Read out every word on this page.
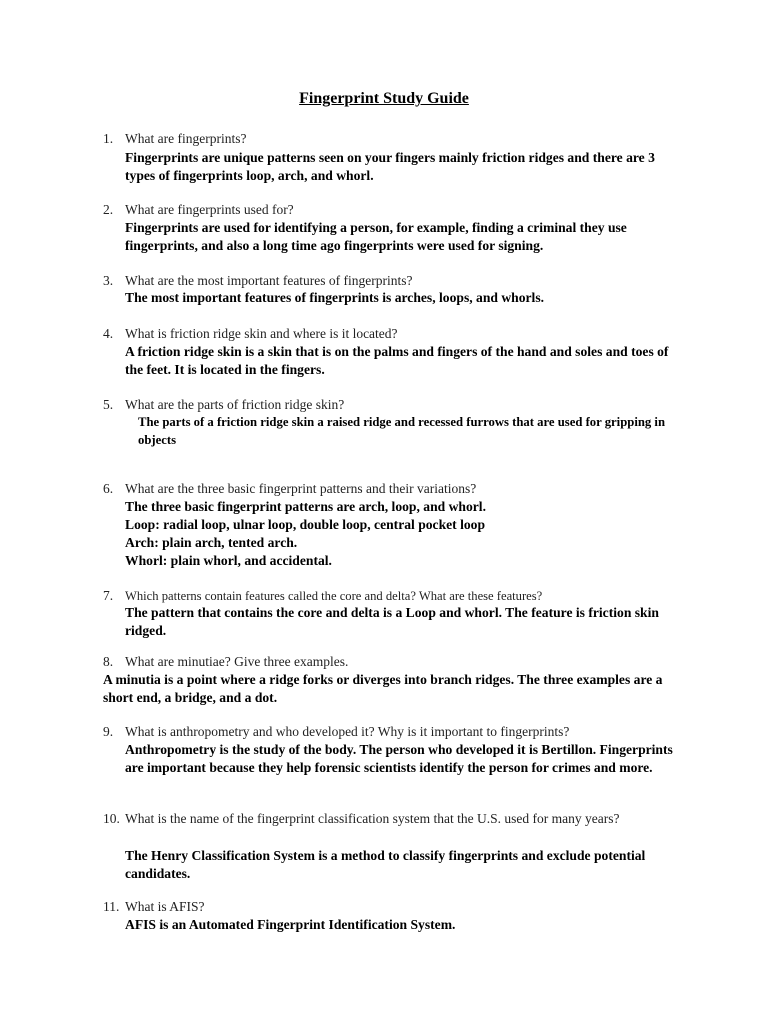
Fingerprint Study Guide
1. What are fingerprints?
Fingerprints are unique patterns seen on your fingers mainly friction ridges and there are 3 types of fingerprints loop, arch, and whorl.
2. What are fingerprints used for?
Fingerprints are used for identifying a person, for example, finding a criminal they use fingerprints, and also a long time ago fingerprints were used for signing.
3. What are the most important features of fingerprints?
The most important features of fingerprints is arches, loops, and whorls.
4. What is friction ridge skin and where is it located?
A friction ridge skin is a skin that is on the palms and fingers of the hand and soles and toes of the feet. It is located in the fingers.
5. What are the parts of friction ridge skin?
The parts of a friction ridge skin a raised ridge and recessed furrows that are used for gripping in objects
6. What are the three basic fingerprint patterns and their variations?
The three basic fingerprint patterns are arch, loop, and whorl.
Loop: radial loop, ulnar loop, double loop, central pocket loop
Arch: plain arch, tented arch.
Whorl: plain whorl, and accidental.
7. Which patterns contain features called the core and delta? What are these features?
The pattern that contains the core and delta is a Loop and whorl. The feature is friction skin ridged.
8. What are minutiae? Give three examples.
A minutia is a point where a ridge forks or diverges into branch ridges. The three examples are a short end, a bridge, and a dot.
9. What is anthropometry and who developed it? Why is it important to fingerprints?
Anthropometry is the study of the body. The person who developed it is Bertillon. Fingerprints are important because they help forensic scientists identify the person for crimes and more.
10. What is the name of the fingerprint classification system that the U.S. used for many years?
The Henry Classification System is a method to classify fingerprints and exclude potential candidates.
11. What is AFIS?
AFIS is an Automated Fingerprint Identification System.
